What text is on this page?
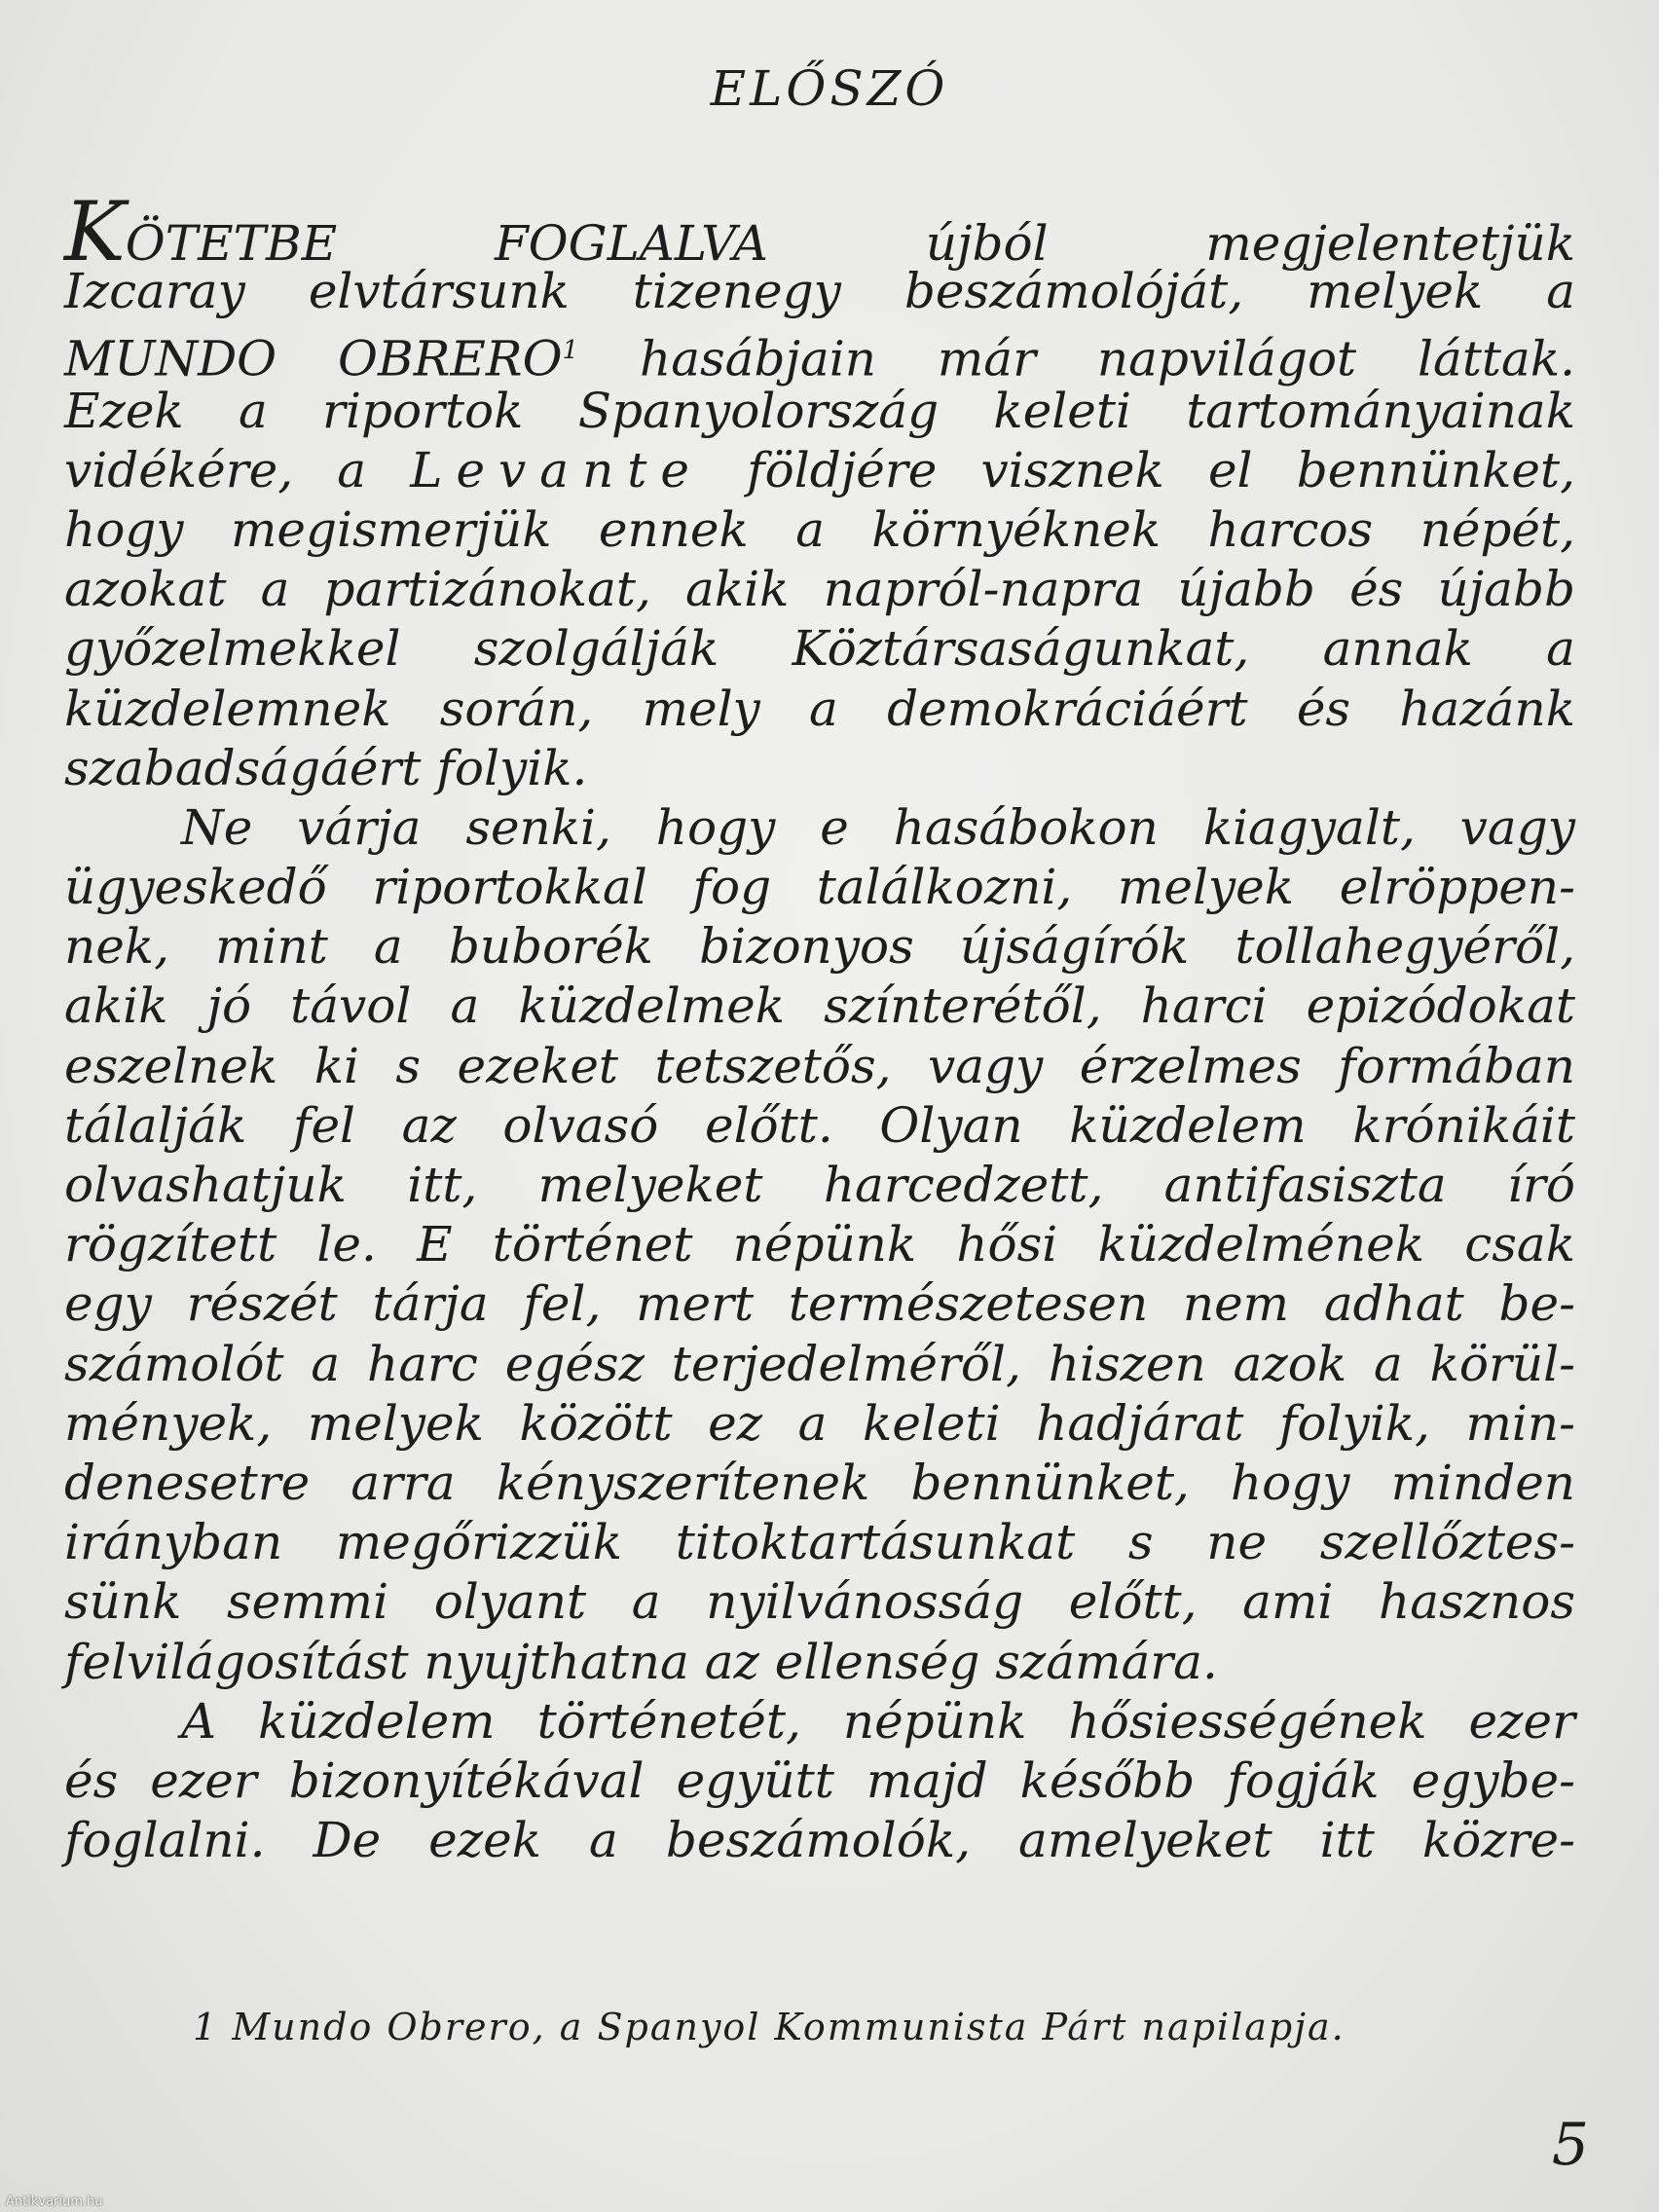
ELŐSZÓ
KÖTETBE FOGLALVA újból megjelentetjük
Izcaray elvtársunk tizenegy beszámolóját, melyek a
MUNDO OBRERO$^1$ hasábjain már napvilágot láttak.
Ezek a riportok Spanyolország keleti tartományainak
vidékére, a Levante földjére visznek el bennünket,
hogy megismerjük ennek a környéknek harcos népét,
azokat a partizánokat, akik napról-napra újabb és újabb
győzelmekkel szolgálják Köztársaságunkat, annak a
küzdelemnek során, mely a demokráciáért és hazánk
szabadságáért folyik.
Ne várja senki, hogy e hasábokon kiagyalt, vagy
ügyeskedő riportokkal fog találkozni, melyek elröppen-
nek, mint a buborék bizonyos újságírók tollahegyéről,
akik jó távol a küzdelmek színterétől, harci epizódokat
eszelnek ki s ezeket tetszetős, vagy érzelmes formában
tálalják fel az olvasó előtt. Olyan küzdelem krónikáit
olvashatjuk itt, melyeket harcedzett, antifasiszta író
rögzített le. E történet népünk hősi küzdelmének csak
egy részét tárja fel, mert természetesen nem adhat be-
számolót a harc egész terjedelméről, hiszen azok a körül-
mények, melyek között ez a keleti hadjárat folyik, min-
denesetre arra kényszerítenek bennünket, hogy minden
irányban megőrizzük titoktartásunkat s ne szellőztes-
sünk semmi olyant a nyilvánosság előtt, ami hasznos
felvilágosítást nyujthatna az ellenség számára.
A küzdelem történetét, népünk hősiességének ezer
és ezer bizonyítékával együtt majd később fogják egybe-
foglalni. De ezek a beszámolók, amelyeket itt közre-
1 Mundo Obrero, a Spanyol Kommunista Párt napilapja.
5
Antikvarium.hu
